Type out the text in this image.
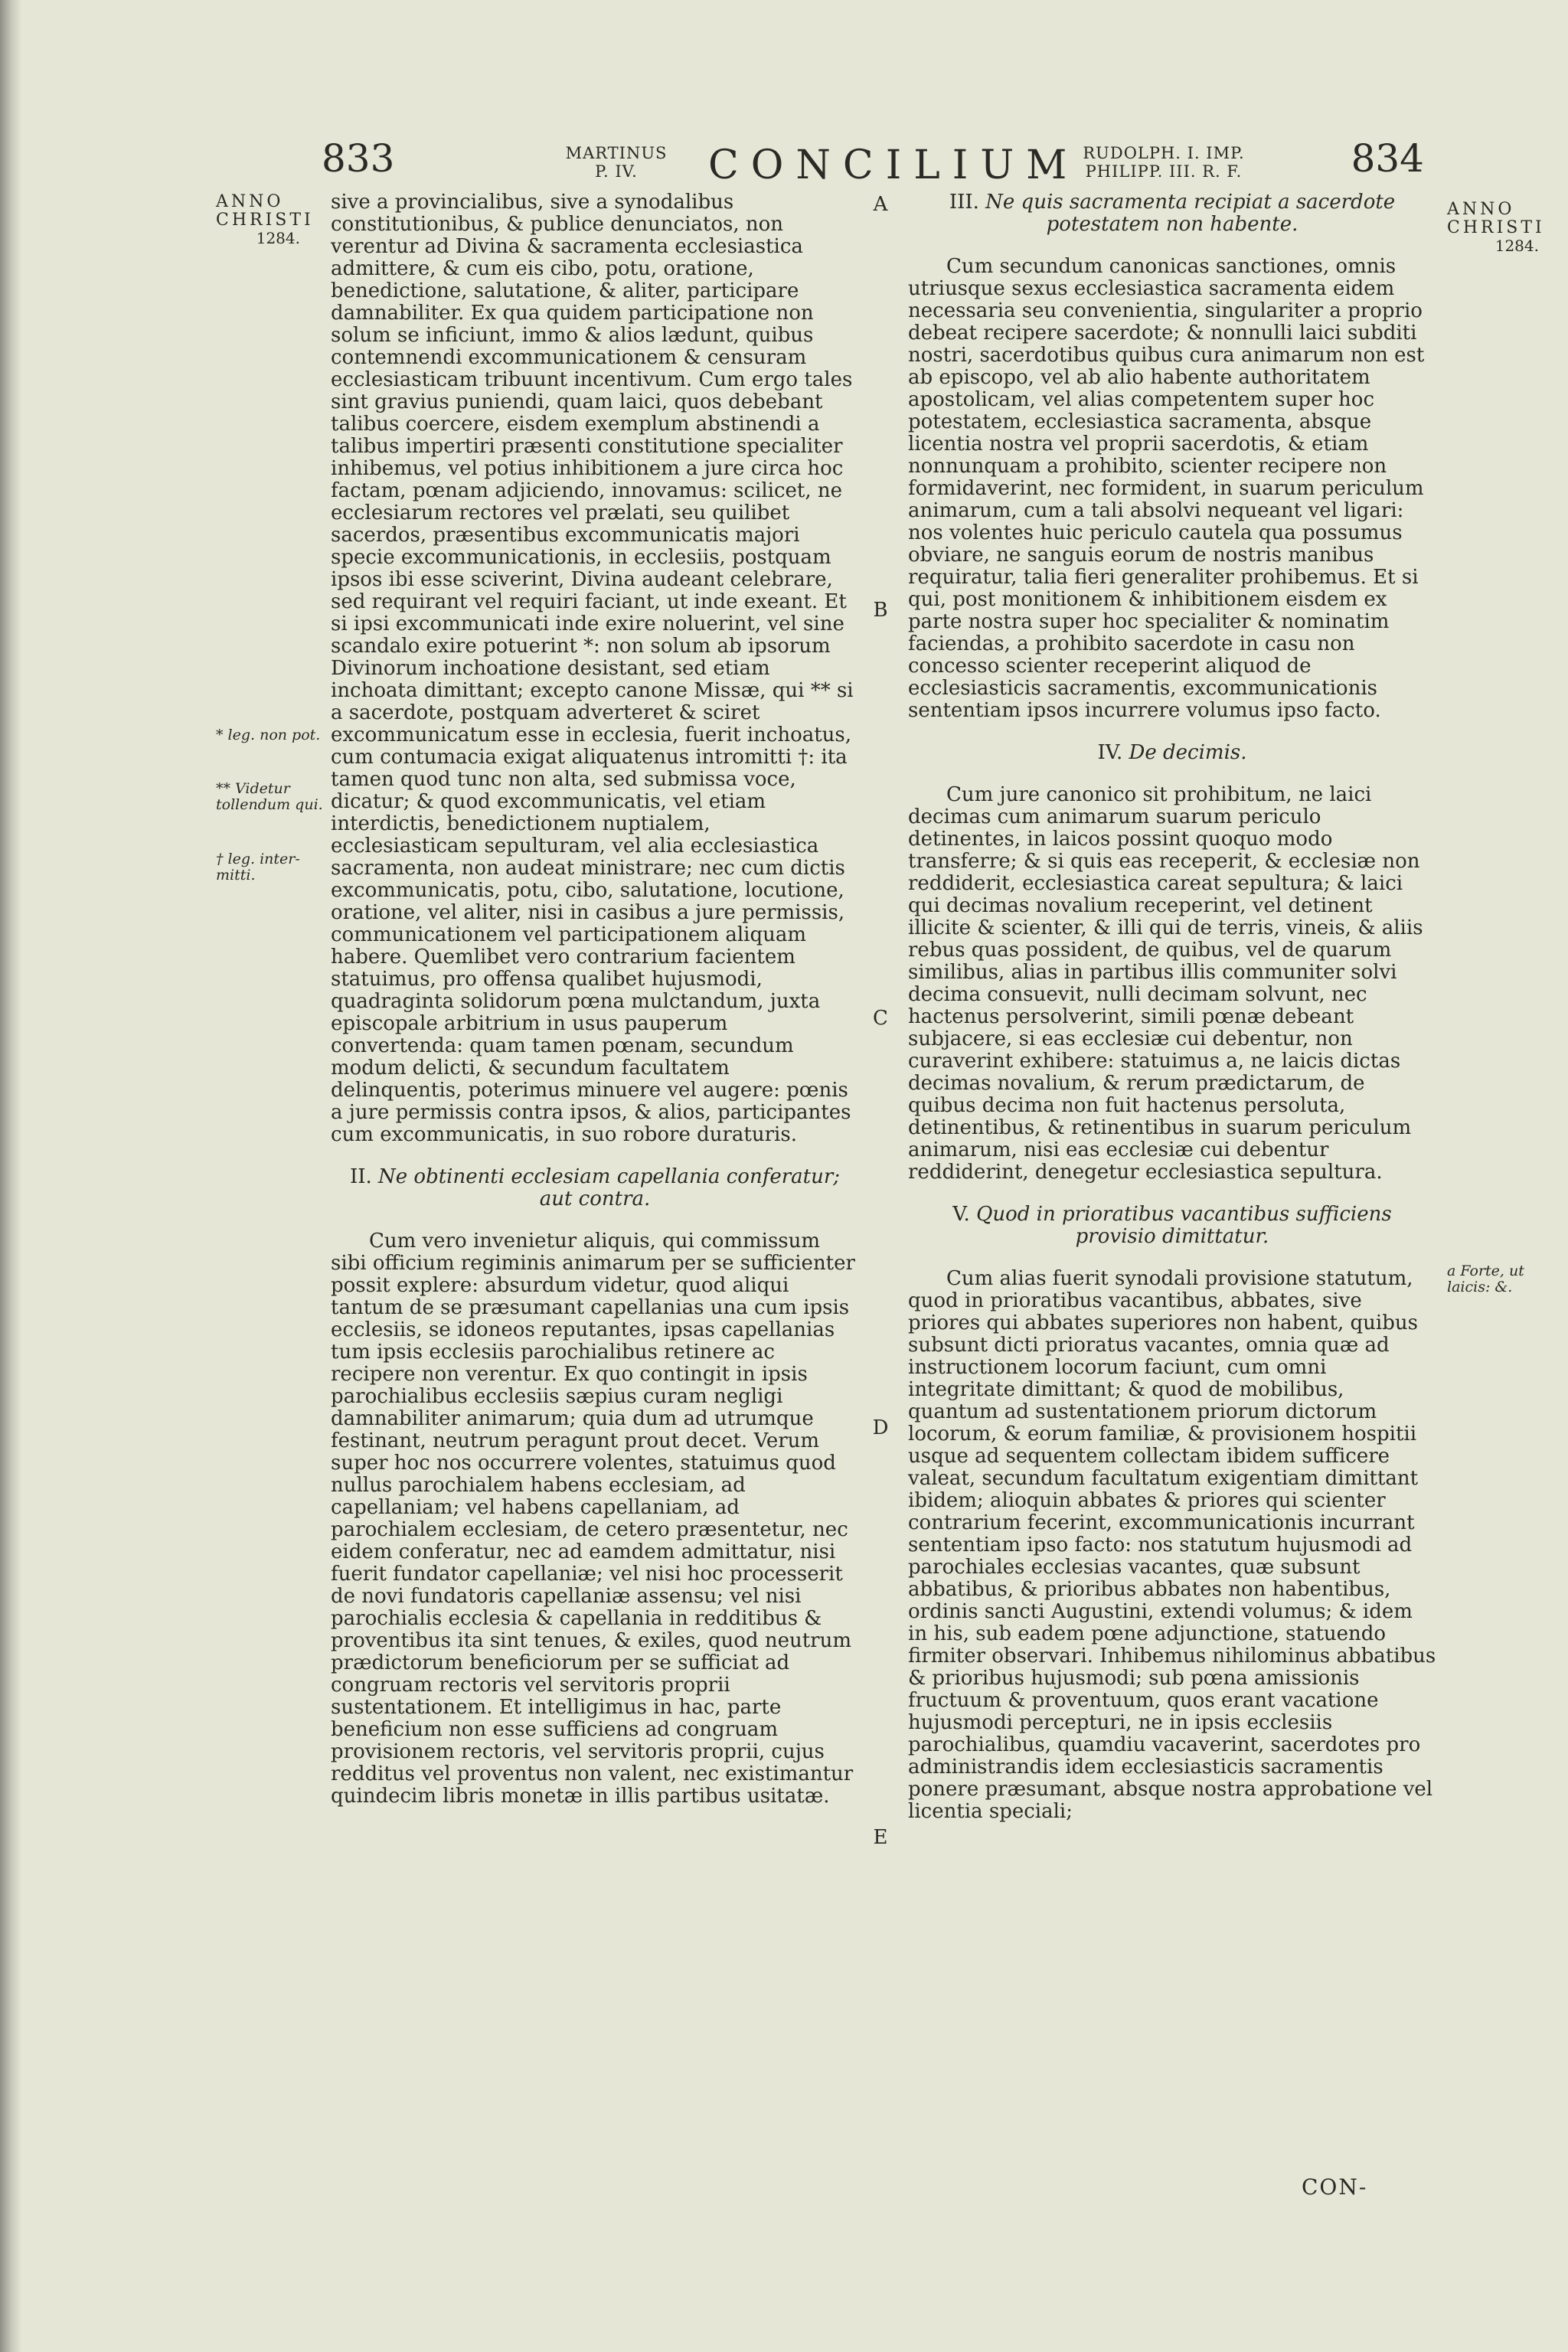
833	MARTINUS
P. IV.	CONCILIUM RUDOLPH. I. IMP.
PHILIPP. III. R. F.	834
ANNO
CHRISTI
1284.
* leg. non pot.
** Videtur tollendum qui.
† leg. inter-mitti.
ANNO
CHRISTI
1284.
a Forte, ut laicis: &.
A
B
C
D
E

sive a provincialibus, sive a synodalibus constitutionibus, & publice denunciatos, non verentur ad Divina & sacramenta ecclesiastica admittere, & cum eis cibo, potu, oratione, benedictione, salutatione, & aliter, participare damnabiliter. Ex qua quidem participatione non solum se inficiunt, immo & alios lædunt, quibus contemnendi excommunicationem & censuram ecclesiasticam tribuunt incentivum. Cum ergo tales sint gravius puniendi, quam laici, quos debebant talibus coercere, eisdem exemplum abstinendi a talibus impertiri præsenti constitutione specialiter inhibemus, vel potius inhibitionem a jure circa hoc factam, pœnam adjiciendo, innovamus: scilicet, ne ecclesiarum rectores vel prælati, seu quilibet sacerdos, præsentibus excommunicatis majori specie excommunicationis, in ecclesiis, postquam ipsos ibi esse sciverint, Divina audeant celebrare, sed requirant vel requiri faciant, ut inde exeant. Et si ipsi excommunicati inde exire noluerint, vel sine scandalo exire potuerint *: non solum ab ipsorum Divinorum inchoatione desistant, sed etiam inchoata dimittant; excepto canone Missæ, qui ** si a sacerdote, postquam adverteret & sciret excommunicatum esse in ecclesia, fuerit inchoatus, cum contumacia exigat aliquatenus intromitti †: ita tamen quod tunc non alta, sed submissa voce, dicatur; & quod excommunicatis, vel etiam interdictis, benedictionem nuptialem, ecclesiasticam sepulturam, vel alia ecclesiastica sacramenta, non audeat ministrare; nec cum dictis excommunicatis, potu, cibo, salutatione, locutione, oratione, vel aliter, nisi in casibus a jure permissis, communicationem vel participationem aliquam habere. Quemlibet vero contrarium facientem statuimus, pro offensa qualibet hujusmodi, quadraginta solidorum pœna mulctandum, juxta episcopale arbitrium in usus pauperum convertenda: quam tamen pœnam, secundum modum delicti, & secundum facultatem delinquentis, poterimus minuere vel augere: pœnis a jure permissis contra ipsos, & alios, participantes cum excommunicatis, in suo robore duraturis.

II. Ne obtinenti ecclesiam capellania conferatur; aut contra.

Cum vero invenietur aliquis, qui commissum sibi officium regiminis animarum per se sufficienter possit explere: absurdum videtur, quod aliqui tantum de se præsumant capellanias una cum ipsis ecclesiis, se idoneos reputantes, ipsas capellanias tum ipsis ecclesiis parochialibus retinere ac recipere non verentur. Ex quo contingit in ipsis parochialibus ecclesiis sæpius curam negligi damnabiliter animarum; quia dum ad utrumque festinant, neutrum peragunt prout decet. Verum super hoc nos occurrere volentes, statuimus quod nullus parochialem habens ecclesiam, ad capellaniam; vel habens capellaniam, ad parochialem ecclesiam, de cetero præsentetur, nec eidem conferatur, nec ad eamdem admittatur, nisi fuerit fundator capellaniæ; vel nisi hoc processerit de novi fundatoris capellaniæ assensu; vel nisi parochialis ecclesia & capellania in redditibus & proventibus ita sint tenues, & exiles, quod neutrum prædictorum beneficiorum per se sufficiat ad congruam rectoris vel servitoris proprii sustentationem. Et intelligimus in hac, parte beneficium non esse sufficiens ad congruam provisionem rectoris, vel servitoris proprii, cujus redditus vel proventus non valent, nec existimantur quindecim libris monetæ in illis partibus usitatæ.

III. Ne quis sacramenta recipiat a sacerdote potestatem non habente.

Cum secundum canonicas sanctiones, omnis utriusque sexus ecclesiastica sacramenta eidem necessaria seu convenientia, singulariter a proprio debeat recipere sacerdote; & nonnulli laici subditi nostri, sacerdotibus quibus cura animarum non est ab episcopo, vel ab alio habente authoritatem apostolicam, vel alias competentem super hoc potestatem, ecclesiastica sacramenta, absque licentia nostra vel proprii sacerdotis, & etiam nonnunquam a prohibito, scienter recipere non formidaverint, nec formident, in suarum periculum animarum, cum a tali absolvi nequeant vel ligari: nos volentes huic periculo cautela qua possumus obviare, ne sanguis eorum de nostris manibus requiratur, talia fieri generaliter prohibemus. Et si qui, post monitionem & inhibitionem eisdem ex parte nostra super hoc specialiter & nominatim faciendas, a prohibito sacerdote in casu non concesso scienter receperint aliquod de ecclesiasticis sacramentis, excommunicationis sententiam ipsos incurrere volumus ipso facto.

IV. De decimis.

Cum jure canonico sit prohibitum, ne laici decimas cum animarum suarum periculo detinentes, in laicos possint quoquo modo transferre; & si quis eas receperit, & ecclesiæ non reddiderit, ecclesiastica careat sepultura; & laici qui decimas novalium receperint, vel detinent illicite & scienter, & illi qui de terris, vineis, & aliis rebus quas possident, de quibus, vel de quarum similibus, alias in partibus illis communiter solvi decima consuevit, nulli decimam solvunt, nec hactenus persolverint, simili pœnæ debeant subjacere, si eas ecclesiæ cui debentur, non curaverint exhibere: statuimus a, ne laicis dictas decimas novalium, & rerum prædictarum, de quibus decima non fuit hactenus persoluta, detinentibus, & retinentibus in suarum periculum animarum, nisi eas ecclesiæ cui debentur reddiderint, denegetur ecclesiastica sepultura.

V. Quod in prioratibus vacantibus sufficiens provisio dimittatur.

Cum alias fuerit synodali provisione statutum, quod in prioratibus vacantibus, abbates, sive priores qui abbates superiores non habent, quibus subsunt dicti prioratus vacantes, omnia quæ ad instructionem locorum faciunt, cum omni integritate dimittant; & quod de mobilibus, quantum ad sustentationem priorum dictorum locorum, & eorum familiæ, & provisionem hospitii usque ad sequentem collectam ibidem sufficere valeat, secundum facultatum exigentiam dimittant ibidem; alioquin abbates & priores qui scienter contrarium fecerint, excommunicationis incurrant sententiam ipso facto: nos statutum hujusmodi ad parochiales ecclesias vacantes, quæ subsunt abbatibus, & prioribus abbates non habentibus, ordinis sancti Augustini, extendi volumus; & idem in his, sub eadem pœne adjunctione, statuendo firmiter observari. Inhibemus nihilominus abbatibus & prioribus hujusmodi; sub pœna amissionis fructuum & proventuum, quos erant vacatione hujusmodi percepturi, ne in ipsis ecclesiis parochialibus, quamdiu vacaverint, sacerdotes pro administrandis idem ecclesiasticis sacramentis ponere præsumant, absque nostra approbatione vel licentia speciali;

CON-
